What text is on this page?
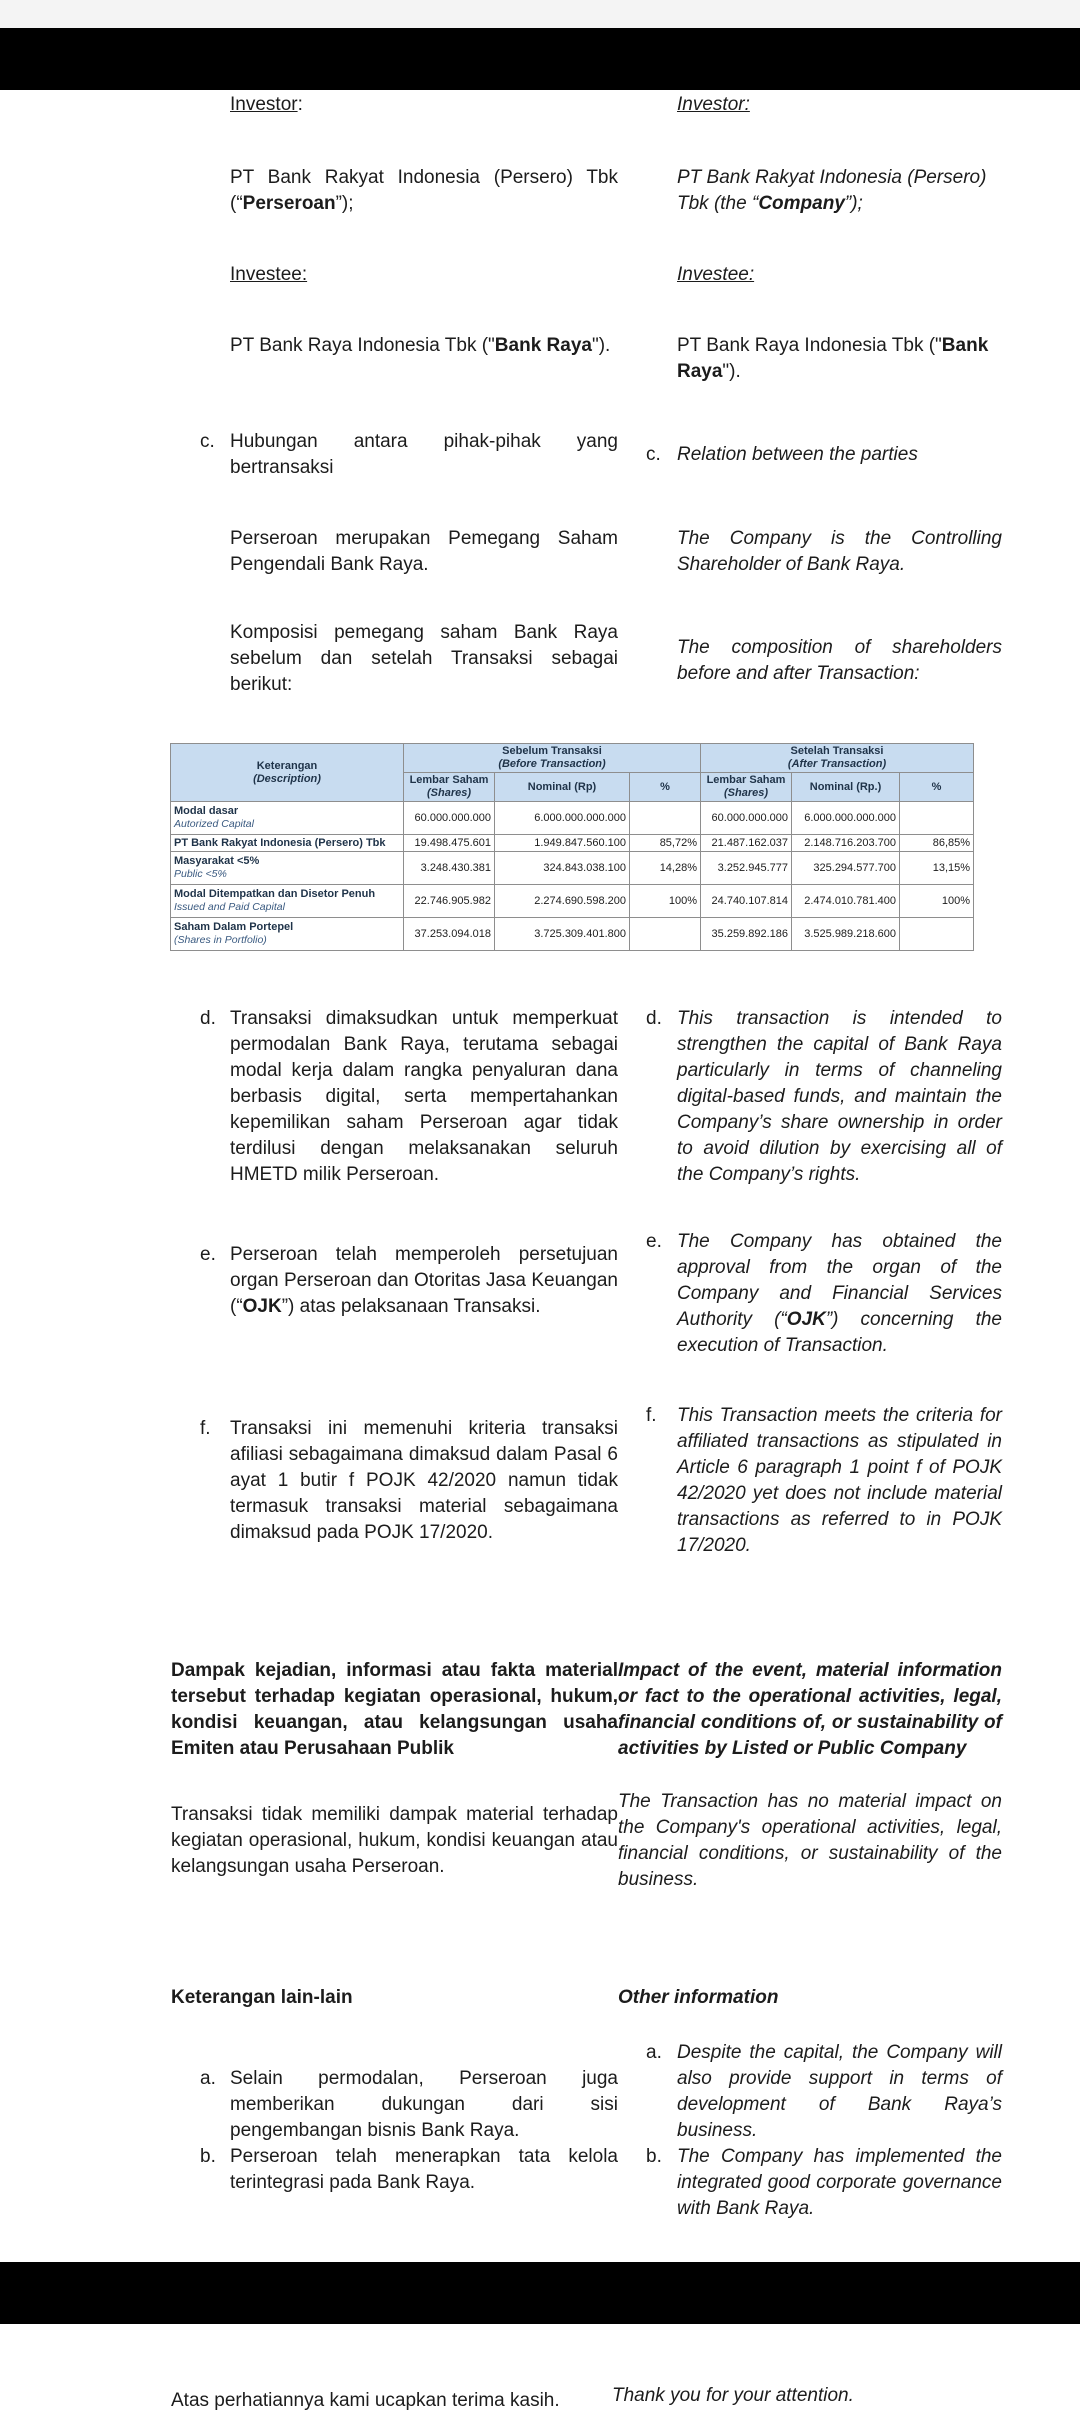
Investor:	Investor:
PT Bank Rakyat Indonesia (Persero) Tbk (“Perseroan”);
PT Bank Rakyat Indonesia (Persero) Tbk (the “Company”);
Investee:	Investee:
PT Bank Raya Indonesia Tbk ("Bank Raya").	PT Bank Raya Indonesia Tbk ("Bank Raya").
c. Hubungan antara pihak-pihak yang bertransaksi
c. Relation between the parties
Perseroan merupakan Pemegang Saham Pengendali Bank Raya.
The Company is the Controlling Shareholder of Bank Raya.
Komposisi pemegang saham Bank Raya sebelum dan setelah Transaksi sebagai berikut:
The composition of shareholders before and after Transaction:
Keterangan
(Description)	Sebelum Transaksi
(Before Transaction)			Setelah Transaksi
(After Transaction)		
	Lembar Saham
(Shares)	Nominal (Rp)	%	Lembar Saham
(Shares)	Nominal (Rp.)	%
Modal dasar
Autorized Capital	60.000.000.000	6.000.000.000.000		60.000.000.000	6.000.000.000.000	
PT Bank Rakyat Indonesia (Persero) Tbk	19.498.475.601	1.949.847.560.100	85,72%	21.487.162.037	2.148.716.203.700	86,85%
Masyarakat <5%
Public <5%	3.248.430.381	324.843.038.100	14,28%	3.252.945.777	325.294.577.700	13,15%
Modal Ditempatkan dan Disetor Penuh
Issued and Paid Capital	22.746.905.982	2.274.690.598.200	100%	24.740.107.814	2.474.010.781.400	100%
Saham Dalam Portepel
(Shares in Portfolio)	37.253.094.018	3.725.309.401.800		35.259.892.186	3.525.989.218.600	
d. Transaksi dimaksudkan untuk memperkuat permodalan Bank Raya, terutama sebagai modal kerja dalam rangka penyaluran dana berbasis digital, serta mempertahankan kepemilikan saham Perseroan agar tidak terdilusi dengan melaksanakan seluruh HMETD milik Perseroan.
d. This transaction is intended to strengthen the capital of Bank Raya particularly in terms of channeling digital-based funds, and maintain the Company’s share ownership in order to avoid dilution by exercising all of the Company’s rights.
e. Perseroan telah memperoleh persetujuan organ Perseroan dan Otoritas Jasa Keuangan (“OJK”) atas pelaksanaan Transaksi.
e. The Company has obtained the approval from the organ of the Company and Financial Services Authority (“OJK”) concerning the execution of Transaction.
f. Transaksi ini memenuhi kriteria transaksi afiliasi sebagaimana dimaksud dalam Pasal 6 ayat 1 butir f POJK 42/2020 namun tidak termasuk transaksi material sebagaimana dimaksud pada POJK 17/2020.
f. This Transaction meets the criteria for affiliated transactions as stipulated in Article 6 paragraph 1 point f of POJK 42/2020 yet does not include material transactions as referred to in POJK 17/2020.
Dampak kejadian, informasi atau fakta material tersebut terhadap kegiatan operasional, hukum, kondisi keuangan, atau kelangsungan usaha Emiten atau Perusahaan Publik
Impact of the event, material information or fact to the operational activities, legal, financial conditions of, or sustainability of activities by Listed or Public Company
Transaksi tidak memiliki dampak material terhadap kegiatan operasional, hukum, kondisi keuangan atau kelangsungan usaha Perseroan.
The Transaction has no material impact on the Company's operational activities, legal, financial conditions, or sustainability of the business.
Keterangan lain-lain	Other information
a. Selain permodalan, Perseroan juga memberikan dukungan dari sisi pengembangan bisnis Bank Raya.
a. Despite the capital, the Company will also provide support in terms of development of Bank Raya’s business.
b. Perseroan telah menerapkan tata kelola terintegrasi pada Bank Raya.
b. The Company has implemented the integrated good corporate governance with Bank Raya.
Atas perhatiannya kami ucapkan terima kasih.	Thank you for your attention.
